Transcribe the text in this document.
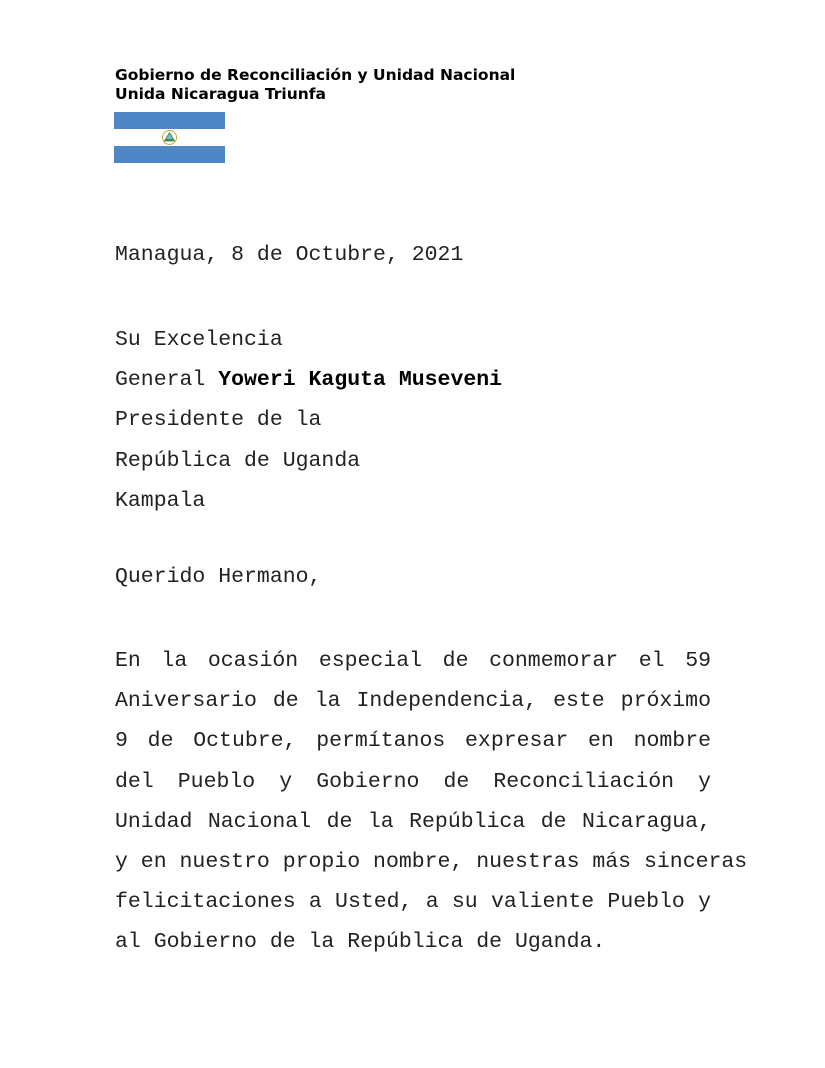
Gobierno de Reconciliación y Unidad Nacional
Unida Nicaragua Triunfa
Managua, 8 de Octubre, 2021
Su Excelencia
General Yoweri Kaguta Museveni
Presidente de la
República de Uganda
Kampala
Querido Hermano,
En la ocasión especial de conmemorar el 59
Aniversario de la Independencia, este próximo
9 de Octubre, permítanos expresar en nombre
del Pueblo y Gobierno de Reconciliación y
Unidad Nacional de la República de Nicaragua,
y en nuestro propio nombre, nuestras más sinceras
felicitaciones a Usted, a su valiente Pueblo y
al Gobierno de la República de Uganda.
